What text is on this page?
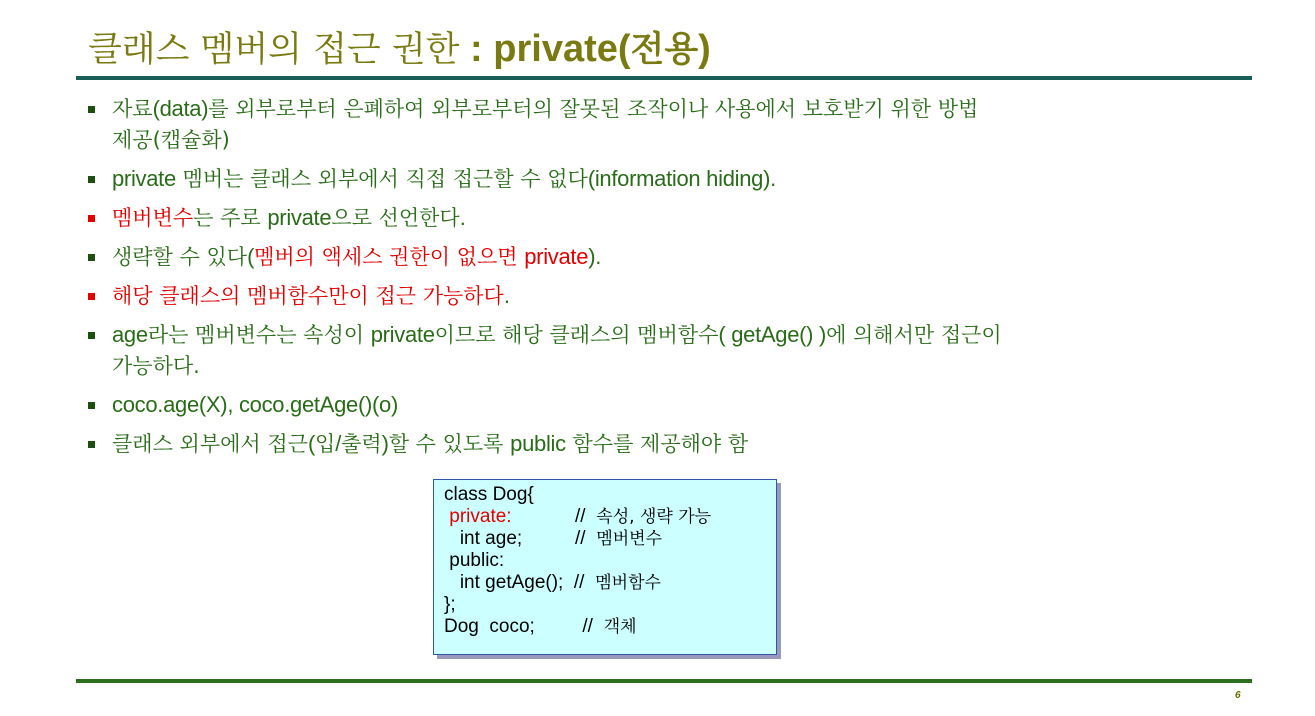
클래스 멤버의 접근 권한 : private(전용)
자료(data)를 외부로부터 은폐하여 외부로부터의 잘못된 조작이나 사용에서 보호받기 위한 방법
제공(캡슐화)
private 멤버는 클래스 외부에서 직접 접근할 수 없다(information hiding).
멤버변수는 주로 private으로 선언한다.
생략할 수 있다(멤버의 액세스 권한이 없으면 private).
해당 클래스의 멤버함수만이 접근 가능하다.
age라는 멤버변수는 속성이 private이므로 해당 클래스의 멤버함수( getAge() )에 의해서만 접근이
가능하다.
coco.age(X), coco.getAge()(o)
클래스 외부에서 접근(입/출력)할 수 있도록 public 함수를 제공해야 함
class Dog{
private:            //  속성, 생략 가능
int age;          //  멤버변수
public:
int getAge();  //  멤버함수
};
Dog  coco;         //  객체
6
